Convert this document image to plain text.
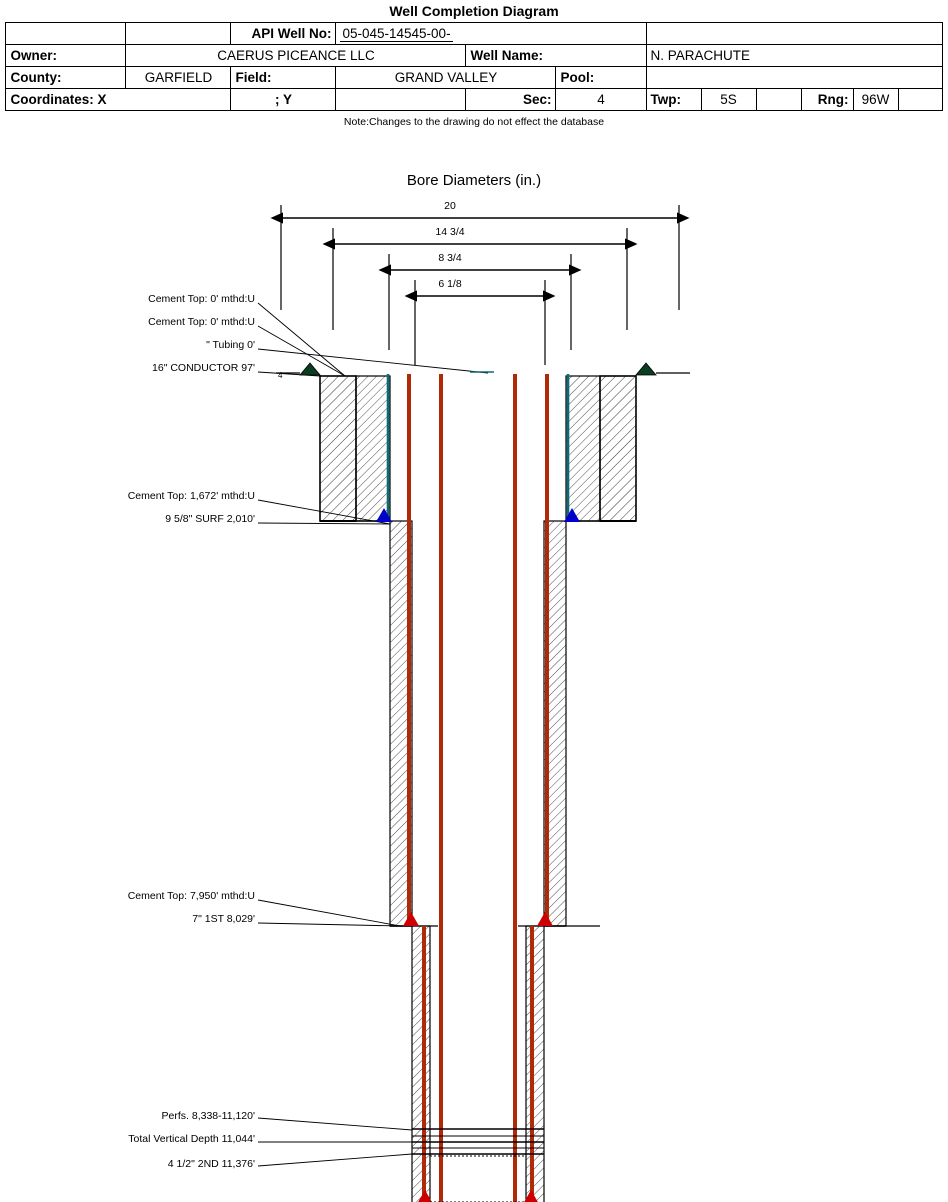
Well Completion Diagram
		API Well No:	05-045-14545-00-								
Owner:	CAERUS PICEANCE LLC			Well Name:		N. PARACHUTE					
County:	GARFIELD	Field:	GRAND VALLEY		Pool:						
Coordinates: X		; Y		Sec:	4	Twp:	5S		Rng:	96W	
Note:Changes to the drawing do not effect the database
Bore Diameters (in.)
20
14 3/4
8 3/4
6 1/8
Cement Top: 0' mthd:U
Cement Top: 0' mthd:U
" Tubing 0'
16" CONDUCTOR 97'
Cement Top: 1,672' mthd:U
9 5/8" SURF 2,010'
Cement Top: 7,950' mthd:U
7" 1ST 8,029'
Perfs. 8,338-11,120'
Total Vertical Depth 11,044'
4 1/2" 2ND 11,376'
4
